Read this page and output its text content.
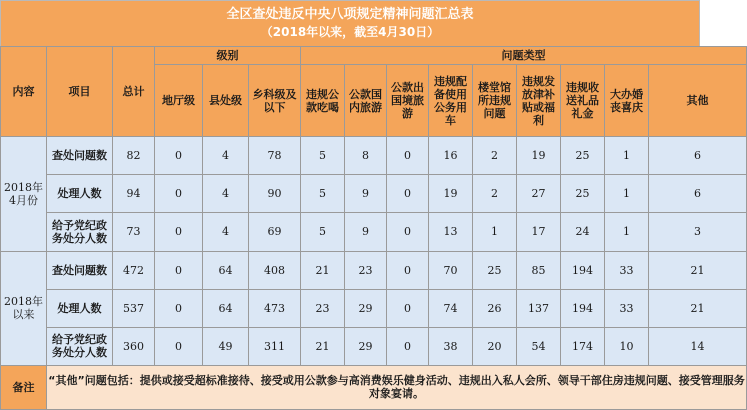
全区查处违反中央八项规定精神问题汇总表
（2018年以来，截至4月30日）
内容	项目	总计	级别			问题类型								
			地厅级	县处级	乡科级及以下	违规公款吃喝	公款国内旅游	公款出国境旅游	违规配备使用公务用车	楼堂馆所违规问题	违规发放津补贴或福利	违规收送礼品礼金	大办婚丧喜庆	其他
2018年4月份	查处问题数	82	0	4	78	5	8	0	16	2	19	25	1	6
	处理人数	94	0	4	90	5	9	0	19	2	27	25	1	6
	给予党纪政务处分人数	73	0	4	69	5	9	0	13	1	17	24	1	3
2018年以来	查处问题数	472	0	64	408	21	23	0	70	25	85	194	33	21
	处理人数	537	0	64	473	23	29	0	74	26	137	194	33	21
	给予党纪政务处分人数	360	0	49	311	21	29	0	38	20	54	174	10	14
备注	“其他”问题包括：提供或接受超标准接待、接受或用公款参与高消费娱乐健身活动、违规出入私人会所、领导干部住房违规问题、接受管理服务对象宴请。													
